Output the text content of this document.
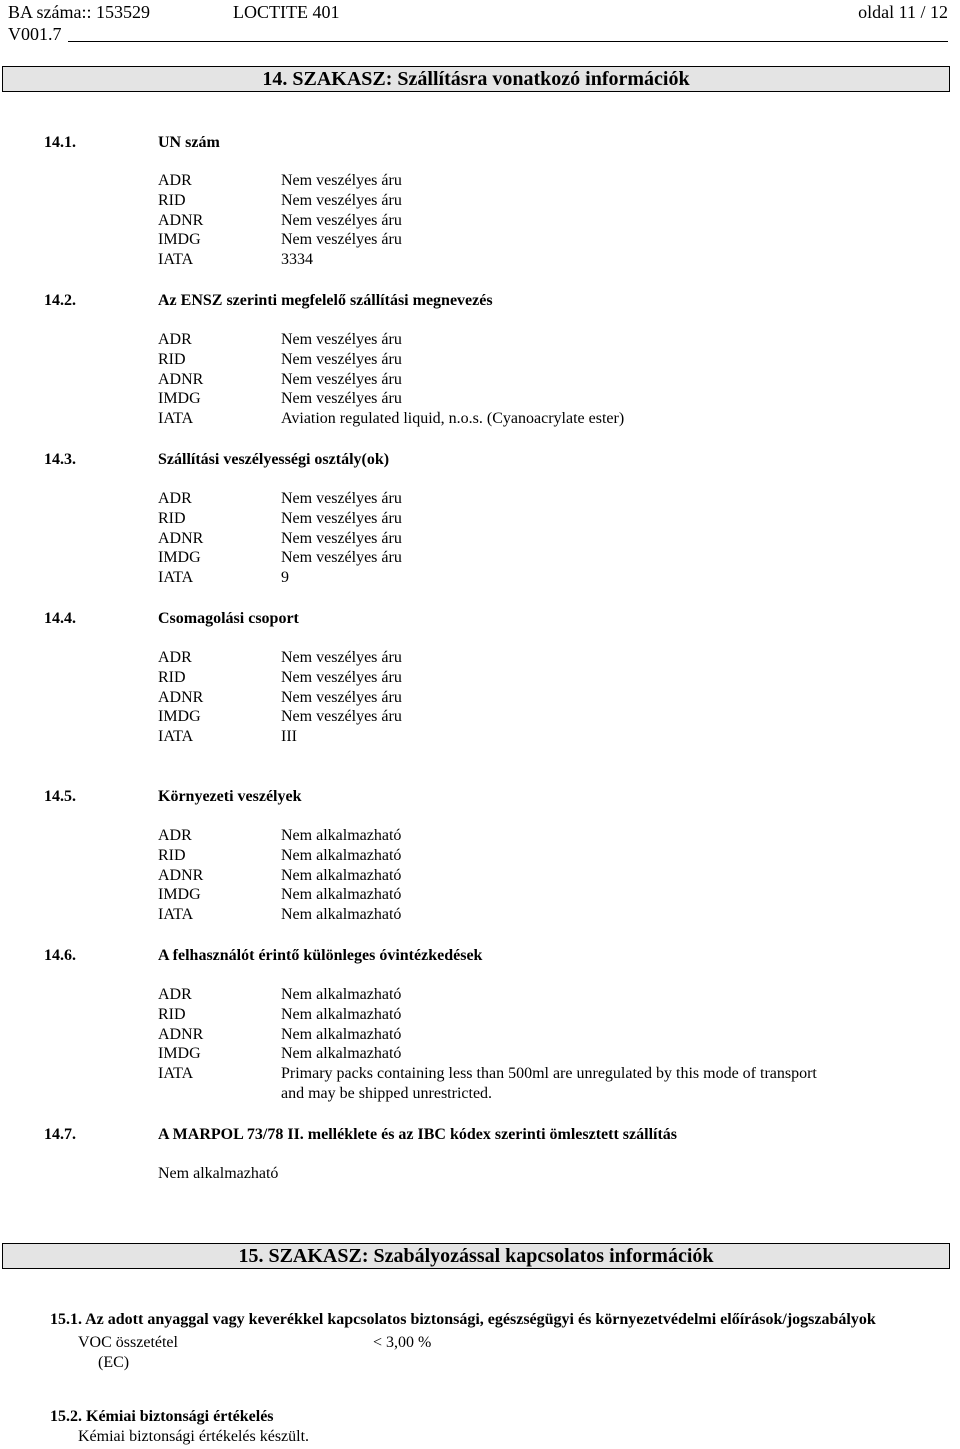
BA száma:: 153529	LOCTITE 401	oldal 11 / 12
V001.7
14. SZAKASZ: Szállításra vonatkozó információk
14.1.	UN szám
ADR	Nem veszélyes áru
RID	Nem veszélyes áru
ADNR	Nem veszélyes áru
IMDG	Nem veszélyes áru
IATA	3334
14.2.	Az ENSZ szerinti megfelelő szállítási megnevezés
ADR	Nem veszélyes áru
RID	Nem veszélyes áru
ADNR	Nem veszélyes áru
IMDG	Nem veszélyes áru
IATA	Aviation regulated liquid, n.o.s. (Cyanoacrylate ester)
14.3.	Szállítási veszélyességi osztály(ok)
ADR	Nem veszélyes áru
RID	Nem veszélyes áru
ADNR	Nem veszélyes áru
IMDG	Nem veszélyes áru
IATA	9
14.4.	Csomagolási csoport
ADR	Nem veszélyes áru
RID	Nem veszélyes áru
ADNR	Nem veszélyes áru
IMDG	Nem veszélyes áru
IATA	III
14.5.	Környezeti veszélyek
ADR	Nem alkalmazható
RID	Nem alkalmazható
ADNR	Nem alkalmazható
IMDG	Nem alkalmazható
IATA	Nem alkalmazható
14.6.	A felhasználót érintő különleges óvintézkedések
ADR	Nem alkalmazható
RID	Nem alkalmazható
ADNR	Nem alkalmazható
IMDG	Nem alkalmazható
IATA	Primary packs containing less than 500ml are unregulated by this mode of transport
and may be shipped unrestricted.
14.7.	A MARPOL 73/78 II. melléklete és az IBC kódex szerinti ömlesztett szállítás
Nem alkalmazható
15. SZAKASZ: Szabályozással kapcsolatos információk
15.1. Az adott anyaggal vagy keverékkel kapcsolatos biztonsági, egészségügyi és környezetvédelmi előírások/jogszabályok
VOC összetétel	< 3,00 %
(EC)
15.2. Kémiai biztonsági értékelés
Kémiai biztonsági értékelés készült.
